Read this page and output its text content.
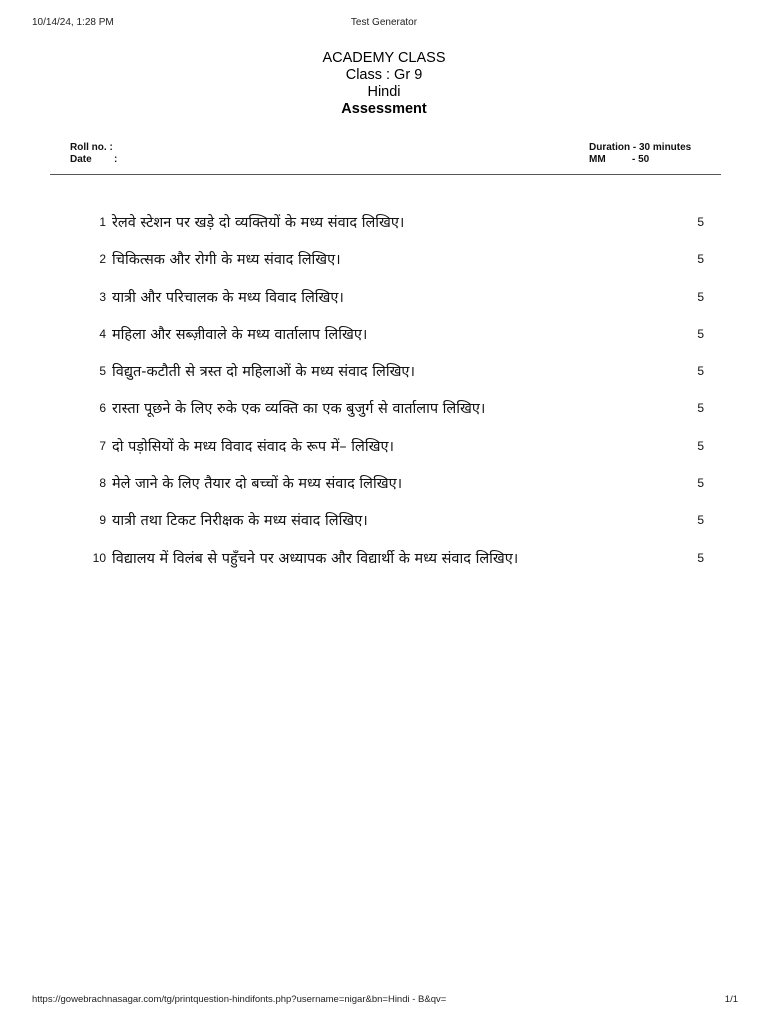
10/14/24, 1:28 PM	Test Generator
ACADEMY CLASS
Class : Gr 9
Hindi
Assessment
Roll no. :
Date :
Duration - 30 minutes
MM	- 50
1 रेलवे स्टेशन पर खड़े दो व्यक्तियों के मध्य संवाद लिखिए।	5
2 चिकित्सक और रोगी के मध्य संवाद लिखिए।	5
3 यात्री और परिचालक के मध्य विवाद लिखिए।	5
4 महिला और सब्ज़ीवाले के मध्य वार्तालाप लिखिए।	5
5 विद्युत-कटौती से त्रस्त दो महिलाओं के मध्य संवाद लिखिए।	5
6 रास्ता पूछने के लिए रुके एक व्यक्ति का एक बुजुर्ग से वार्तालाप लिखिए।	5
7 दो पड़ोसियों के मध्य विवाद संवाद के रूप में– लिखिए।	5
8 मेले जाने के लिए तैयार दो बच्चों के मध्य संवाद लिखिए।	5
9 यात्री तथा टिकट निरीक्षक के मध्य संवाद लिखिए।	5
10 विद्यालय में विलंब से पहुँचने पर अध्यापक और विद्यार्थी के मध्य संवाद लिखिए।	5
https://gowebrachnasagar.com/tg/printquestion-hindifonts.php?username=nigar&bn=Hindi - B&qv=	1/1
